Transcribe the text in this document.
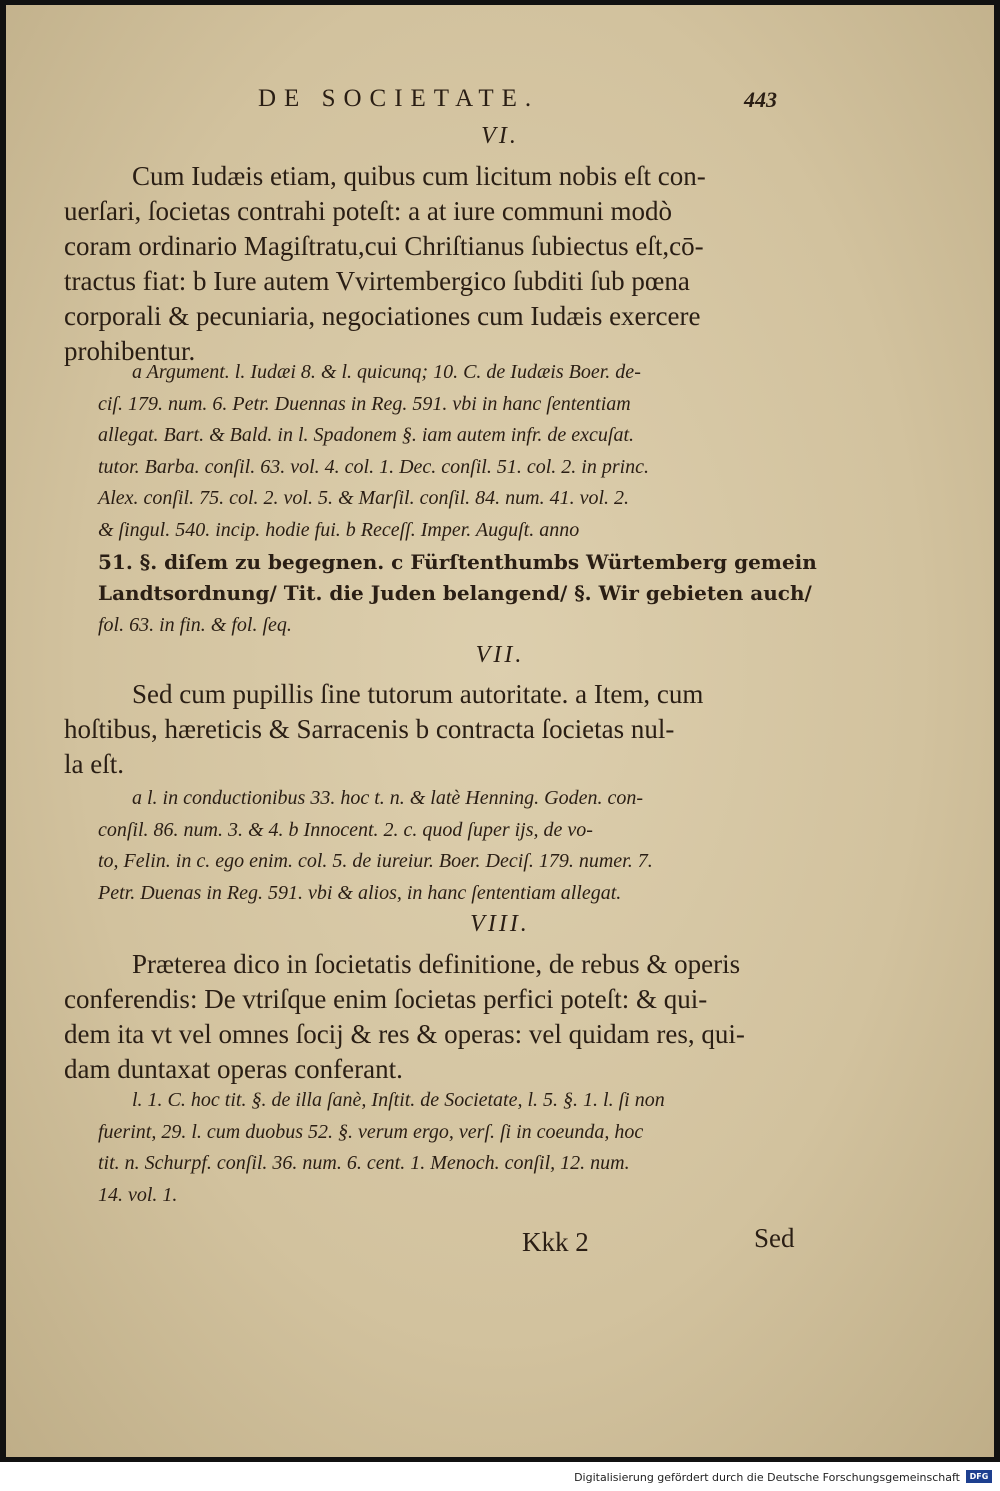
DE SOCIETATE.	443
VI.
Cum Iudæis etiam, quibus cum licitum nobis eſt con-
uerſari, ſocietas contrahi poteſt: a at iure communi modò
coram ordinario Magiſtratu,cui Chriſtianus ſubiectus eſt,cō-
tractus fiat: b Iure autem Vvirtembergico ſubditi ſub pœna
corporali & pecuniaria, negociationes cum Iudæis exercere
prohibentur.
a Argument. l. Iudæi 8. & l. quicunq; 10. C. de Iudæis Boer. de-
ciſ. 179. num. 6. Petr. Duennas in Reg. 591. vbi in hanc ſententiam
allegat. Bart. & Bald. in l. Spadonem §. iam autem infr. de excuſat.
tutor. Barba. conſil. 63. vol. 4. col. 1. Dec. conſil. 51. col. 2. in princ.
Alex. conſil. 75. col. 2. vol. 5. & Marſil. conſil. 84. num. 41. vol. 2.
& ſingul. 540. incip. hodie fui. b Receſſ. Imper. Auguſt. anno
51. §. diſem zu begegnen. c Fürſtenthumbs Würtemberg gemein
Landtsordnung/ Tit. die Juden belangend/ §. Wir gebieten auch/
fol. 63. in fin. & fol. ſeq.
VII.
Sed cum pupillis ſine tutorum autoritate. a Item, cum
hoſtibus, hæreticis & Sarracenis b contracta ſocietas nul-
la eſt.
a l. in conductionibus 33. hoc t. n. & latè Henning. Goden. con-
conſil. 86. num. 3. & 4. b Innocent. 2. c. quod ſuper ijs, de vo-
to, Felin. in c. ego enim. col. 5. de iureiur. Boer. Deciſ. 179. numer. 7.
Petr. Duenas in Reg. 591. vbi & alios, in hanc ſententiam allegat.
VIII.
Præterea dico in ſocietatis definitione, de rebus & operis
conferendis: De vtriſque enim ſocietas perfici poteſt: & qui-
dem ita vt vel omnes ſocij & res & operas: vel quidam res, qui-
dam duntaxat operas conferant.
l. 1. C. hoc tit. §. de illa ſanè, Inſtit. de Societate, l. 5. §. 1. l. ſi non
fuerint, 29. l. cum duobus 52. §. verum ergo, verſ. ſi in coeunda, hoc
tit. n. Schurpf. conſil. 36. num. 6. cent. 1. Menoch. conſil, 12. num.
14. vol. 1.
Kkk 2	Sed
Digitalisierung gefördert durch die Deutsche Forschungsgemeinschaft	DFG
